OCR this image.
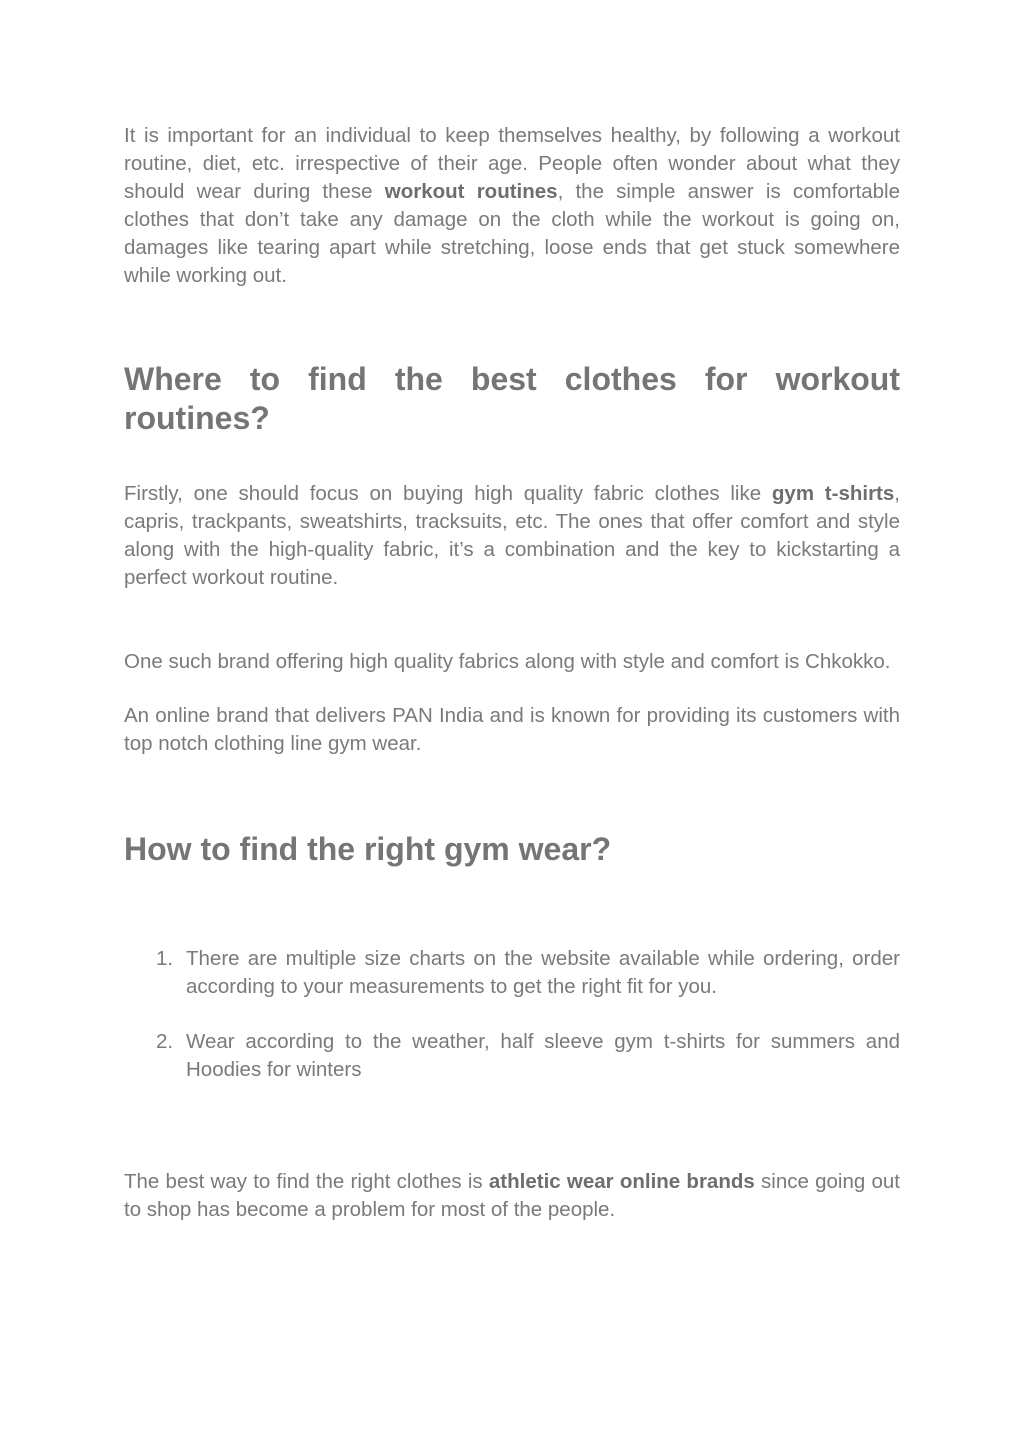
It is important for an individual to keep themselves healthy, by following a workout routine, diet, etc. irrespective of their age. People often wonder about what they should wear during these workout routines, the simple answer is comfortable clothes that don’t take any damage on the cloth while the workout is going on, damages like tearing apart while stretching, loose ends that get stuck somewhere while working out.

Where to find the best clothes for workout routines?

Firstly, one should focus on buying high quality fabric clothes like gym t-shirts, capris, trackpants, sweatshirts, tracksuits, etc. The ones that offer comfort and style along with the high-quality fabric, it’s a combination and the key to kickstarting a perfect workout routine.

One such brand offering high quality fabrics along with style and comfort is Chkokko.

An online brand that delivers PAN India and is known for providing its customers with top notch clothing line gym wear.

How to find the right gym wear?
1. There are multiple size charts on the website available while ordering, order according to your measurements to get the right fit for you.
2. Wear according to the weather, half sleeve gym t-shirts for summers and Hoodies for winters

The best way to find the right clothes is athletic wear online brands since going out to shop has become a problem for most of the people.
